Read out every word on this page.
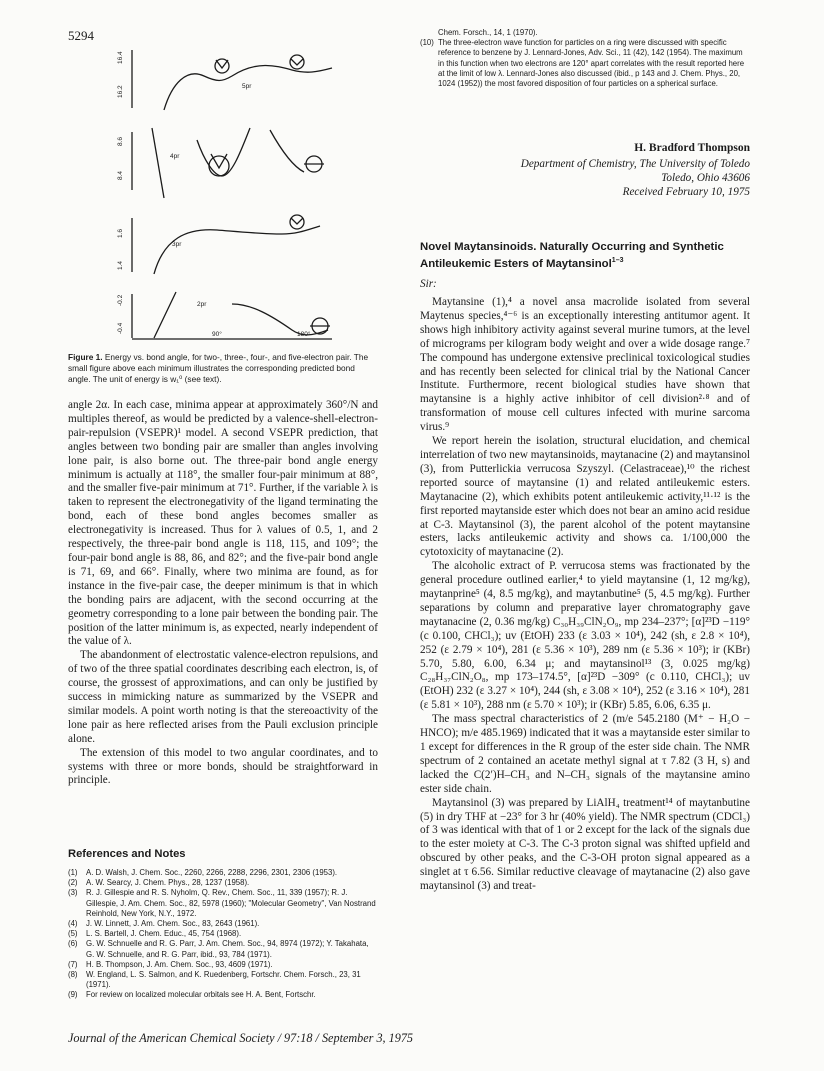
5294
5pr
4pr
3pr
2pr
90°	180°
16.2
16.4
8.4
8.6
1.4
1.6
-0.4
-0.2
Figure 1. Energy vs. bond angle, for two-, three-, four-, and five-electron pair. The small figure above each minimum illustrates the corresponding predicted bond angle. The unit of energy is w₁⁰ (see text).

angle 2α. In each case, minima appear at approximately 360°/N and multiples thereof, as would be predicted by a valence-shell-electron-pair-repulsion (VSEPR)¹ model. A second VSEPR prediction, that angles between two bonding pair are smaller than angles involving lone pair, is also borne out. The three-pair bond angle energy minimum is actually at 118°, the smaller four-pair minimum at 88°, and the smaller five-pair minimum at 71°. Further, if the variable λ is taken to represent the electronegativity of the ligand terminating the bond, each of these bond angles becomes smaller as electronegativity is increased. Thus for λ values of 0.5, 1, and 2 respectively, the three-pair bond angle is 118, 115, and 109°; the four-pair bond angle is 88, 86, and 82°; and the five-pair bond angle is 71, 69, and 66°. Finally, where two minima are found, as for instance in the five-pair case, the deeper minimum is that in which the bonding pairs are adjacent, with the second occurring at the geometry corresponding to a lone pair between the bonding pair. The position of the latter minimum is, as expected, nearly independent of the value of λ.

The abandonment of electrostatic valence-electron repulsions, and of two of the three spatial coordinates describing each electron, is, of course, the grossest of approximations, and can only be justified by success in mimicking nature as summarized by the VSEPR and similar models. A point worth noting is that the stereoactivity of the lone pair as here reflected arises from the Pauli exclusion principle alone.

The extension of this model to two angular coordinates, and to systems with three or more bonds, should be straightforward in principle.

References and Notes
(1)	A. D. Walsh, J. Chem. Soc., 2260, 2266, 2288, 2296, 2301, 2306 (1953).
(2)	A. W. Searcy, J. Chem. Phys., 28, 1237 (1958).
(3)	R. J. Gillespie and R. S. Nyholm, Q. Rev., Chem. Soc., 11, 339 (1957); R. J. Gillespie, J. Am. Chem. Soc., 82, 5978 (1960); "Molecular Geometry", Van Nostrand Reinhold, New York, N.Y., 1972.
(4)	J. W. Linnett, J. Am. Chem. Soc., 83, 2643 (1961).
(5)	L. S. Bartell, J. Chem. Educ., 45, 754 (1968).
(6)	G. W. Schnuelle and R. G. Parr, J. Am. Chem. Soc., 94, 8974 (1972); Y. Takahata, G. W. Schnuelle, and R. G. Parr, ibid., 93, 784 (1971).
(7)	H. B. Thompson, J. Am. Chem. Soc., 93, 4609 (1971).
(8)	W. England, L. S. Salmon, and K. Ruedenberg, Fortschr. Chem. Forsch., 23, 31 (1971).
(9)	For review on localized molecular orbitals see H. A. Bent, Fortschr.
Chem. Forsch., 14, 1 (1970).
(10) The three-electron wave function for particles on a ring were discussed with specific reference to benzene by J. Lennard-Jones, Adv. Sci., 11 (42), 142 (1954). The maximum in this function when two electrons are 120° apart correlates with the result reported here at the limit of low λ. Lennard-Jones also discussed (ibid., p 143 and J. Chem. Phys., 20, 1024 (1952)) the most favored disposition of four particles on a spherical surface.
H. Bradford Thompson
Department of Chemistry, The University of Toledo
Toledo, Ohio 43606
Received February 10, 1975
Novel Maytansinoids. Naturally Occurring and Synthetic Antileukemic Esters of Maytansinol$^{1-3}$
Sir:

Maytansine (1),⁴ a novel ansa macrolide isolated from several Maytenus species,⁴⁻⁶ is an exceptionally interesting antitumor agent. It shows high inhibitory activity against several murine tumors, at the level of micrograms per kilogram body weight and over a wide dosage range.⁷ The compound has undergone extensive preclinical toxicological studies and has recently been selected for clinical trial by the National Cancer Institute. Furthermore, recent biological studies have shown that maytansine is a highly active inhibitor of cell division²·⁸ and of transformation of mouse cell cultures infected with murine sarcoma virus.⁹

We report herein the isolation, structural elucidation, and chemical interrelation of two new maytansinoids, maytanacine (2) and maytansinol (3), from Putterlickia verrucosa Szyszyl. (Celastraceae),¹⁰ the richest reported source of maytansine (1) and related antileukemic esters. Maytanacine (2), which exhibits potent antileukemic activity,¹¹·¹² is the first reported maytanside ester which does not bear an amino acid residue at C-3. Maytansinol (3), the parent alcohol of the potent maytansine esters, lacks antileukemic activity and shows ca. 1/100,000 the cytotoxicity of maytanacine (2).

The alcoholic extract of P. verrucosa stems was fractionated by the general procedure outlined earlier,⁴ to yield maytansine (1, 12 mg/kg), maytanprine⁵ (4, 8.5 mg/kg), and maytanbutine⁵ (5, 4.5 mg/kg). Further separations by column and preparative layer chromatography gave maytanacine (2, 0.36 mg/kg) C₃₀H₃₉ClN₂O₉, mp 234–237°; [α]²³D −119° (c 0.100, CHCl₃); uv (EtOH) 233 (ε 3.03 × 10⁴), 242 (sh, ε 2.8 × 10⁴), 252 (ε 2.79 × 10⁴), 281 (ε 5.36 × 10³), 289 nm (ε 5.36 × 10³); ir (KBr) 5.70, 5.80, 6.00, 6.34 μ; and maytansinol¹³ (3, 0.025 mg/kg) C₂₈H₃₇ClN₂O₈, mp 173–174.5°, [α]²³D −309° (c 0.110, CHCl₃); uv (EtOH) 232 (ε 3.27 × 10⁴), 244 (sh, ε 3.08 × 10⁴), 252 (ε 3.16 × 10⁴), 281 (ε 5.81 × 10³), 288 nm (ε 5.70 × 10³); ir (KBr) 5.85, 6.06, 6.35 μ.

The mass spectral characteristics of 2 (m/e 545.2180 (M⁺ − H₂O − HNCO); m/e 485.1969) indicated that it was a maytanside ester similar to 1 except for differences in the R group of the ester side chain. The NMR spectrum of 2 contained an acetate methyl signal at τ 7.82 (3 H, s) and lacked the C(2′)H–CH₃ and N–CH₃ signals of the maytansine amino ester side chain.

Maytansinol (3) was prepared by LiAlH₄ treatment¹⁴ of maytanbutine (5) in dry THF at −23° for 3 hr (40% yield). The NMR spectrum (CDCl₃) of 3 was identical with that of 1 or 2 except for the lack of the signals due to the ester moiety at C-3. The C-3 proton signal was shifted upfield and obscured by other peaks, and the C-3-OH proton signal appeared as a singlet at τ 6.56. Similar reductive cleavage of maytanacine (2) also gave maytansinol (3) and treat-

Journal of the American Chemical Society / 97:18 / September 3, 1975
